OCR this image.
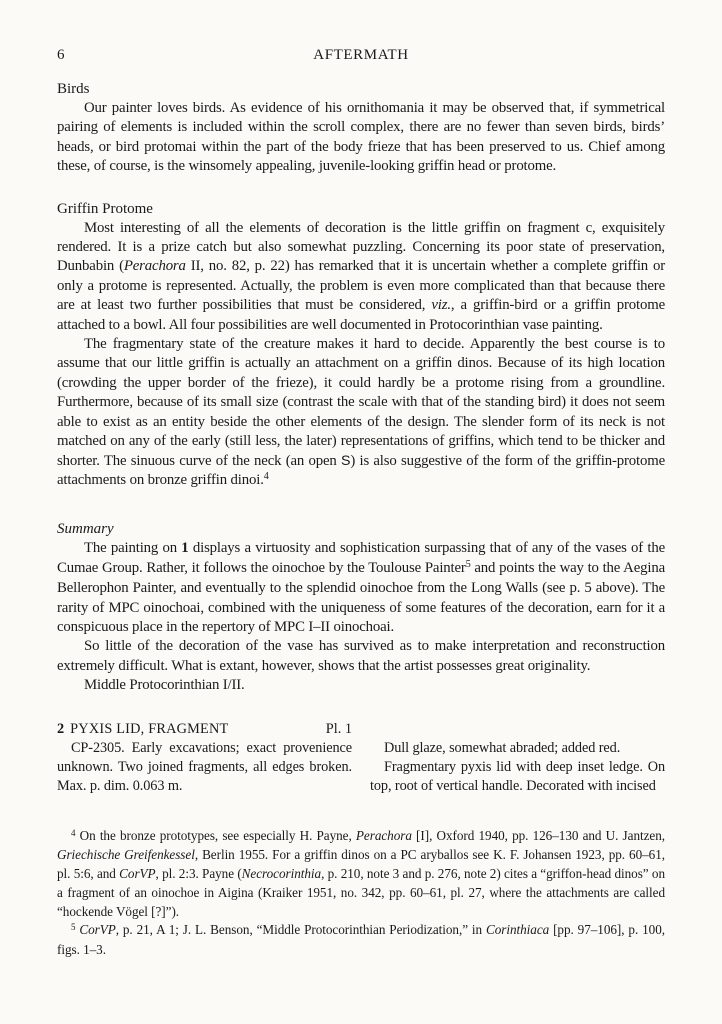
6	AFTERMATH
Birds

Our painter loves birds. As evidence of his ornithomania it may be observed that, if symmetrical pairing of elements is included within the scroll complex, there are no fewer than seven birds, birds’ heads, or bird protomai within the part of the body frieze that has been preserved to us. Chief among these, of course, is the winsomely appealing, juvenile-looking griffin head or protome.

Griffin Protome

Most interesting of all the elements of decoration is the little griffin on fragment c, exquisitely rendered. It is a prize catch but also somewhat puzzling. Concerning its poor state of preservation, Dunbabin (Perachora II, no. 82, p. 22) has remarked that it is uncertain whether a complete griffin or only a protome is represented. Actually, the problem is even more complicated than that because there are at least two further possibilities that must be considered, viz., a griffin-bird or a griffin protome attached to a bowl. All four possibilities are well documented in Protocorinthian vase painting.

The fragmentary state of the creature makes it hard to decide. Apparently the best course is to assume that our little griffin is actually an attachment on a griffin dinos. Because of its high location (crowding the upper border of the frieze), it could hardly be a protome rising from a groundline. Furthermore, because of its small size (contrast the scale with that of the standing bird) it does not seem able to exist as an entity beside the other elements of the design. The slender form of its neck is not matched on any of the early (still less, the later) representations of griffins, which tend to be thicker and shorter. The sinuous curve of the neck (an open S) is also suggestive of the form of the griffin-protome attachments on bronze griffin dinoi.$^4$

Summary

The painting on 1 displays a virtuosity and sophistication surpassing that of any of the vases of the Cumae Group. Rather, it follows the oinochoe by the Toulouse Painter$^5$ and points the way to the Aegina Bellerophon Painter, and eventually to the splendid oinochoe from the Long Walls (see p. 5 above). The rarity of MPC oinochoai, combined with the uniqueness of some features of the decoration, earn for it a conspicuous place in the repertory of MPC I–II oinochoai.

So little of the decoration of the vase has survived as to make interpretation and reconstruction extremely difficult. What is extant, however, shows that the artist possesses great originality.

Middle Protocorinthian I/II.

2 PYXIS LID, FRAGMENT	Pl. 1

CP-2305. Early excavations; exact provenience unknown. Two joined fragments, all edges broken. Max. p. dim. 0.063 m.

Dull glaze, somewhat abraded; added red.

Fragmentary pyxis lid with deep inset ledge. On top, root of vertical handle. Decorated with incised

$^4$ On the bronze prototypes, see especially H. Payne, Perachora [I], Oxford 1940, pp. 126–130 and U. Jantzen, Griechische Greifenkessel, Berlin 1955. For a griffin dinos on a PC aryballos see K. F. Johansen 1923, pp. 60–61, pl. 5:6, and CorVP, pl. 2:3. Payne (Necrocorinthia, p. 210, note 3 and p. 276, note 2) cites a “griffon-head dinos” on a fragment of an oinochoe in Aigina (Kraiker 1951, no. 342, pp. 60–61, pl. 27, where the attachments are called “hockende Vögel [?]”).

$^5$ CorVP, p. 21, A 1; J. L. Benson, “Middle Protocorinthian Periodization,” in Corinthiaca [pp. 97–106], p. 100, figs. 1–3.
